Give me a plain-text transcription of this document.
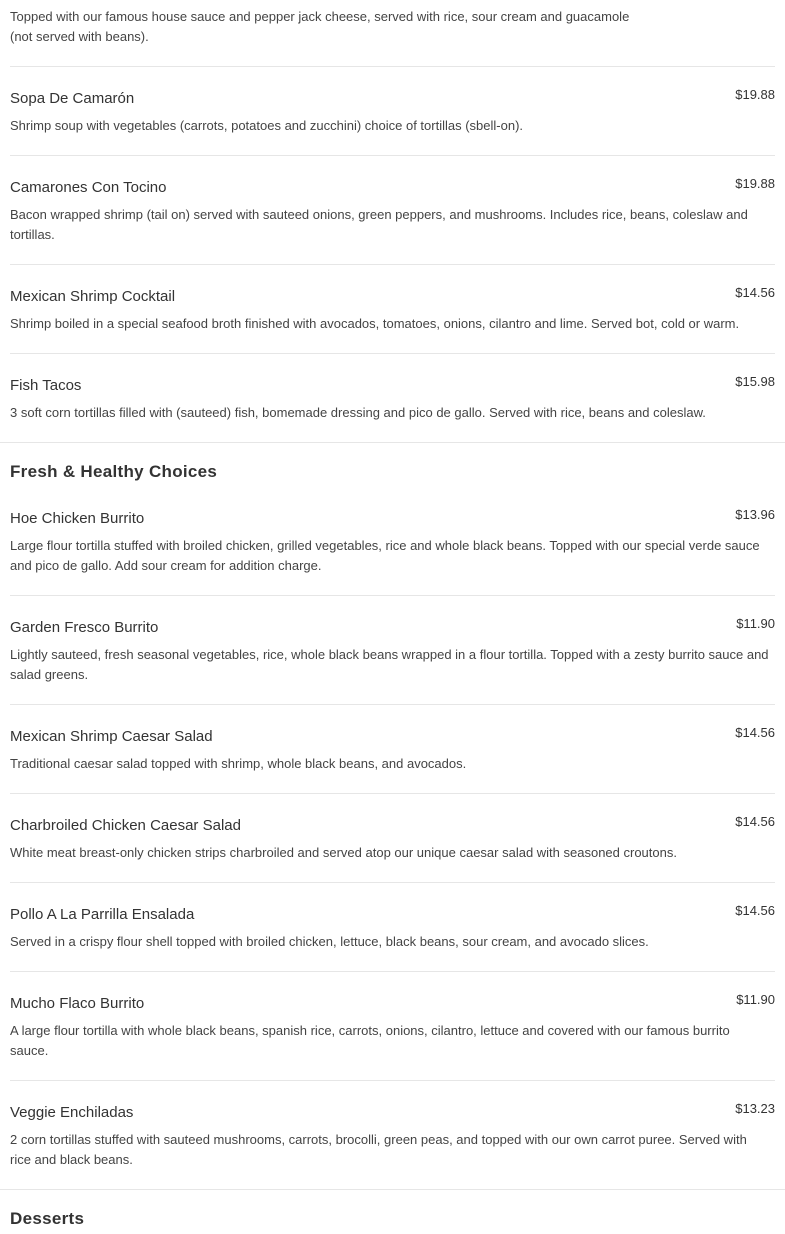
Topped with our famous house sauce and pepper jack cheese, served with rice, sour cream and guacamole
(not served with beans).
Sopa De Camarón	$19.88
Shrimp soup with vegetables (carrots, potatoes and zucchini) choice of tortillas (sbell-on).
Camarones Con Tocino	$19.88
Bacon wrapped shrimp (tail on) served with sauteed onions, green peppers, and mushrooms. Includes rice, beans, coleslaw and tortillas.
Mexican Shrimp Cocktail	$14.56
Shrimp boiled in a special seafood broth finished with avocados, tomatoes, onions, cilantro and lime. Served bot, cold or warm.
Fish Tacos	$15.98
3 soft corn tortillas filled with (sauteed) fish, bomemade dressing and pico de gallo. Served with rice, beans and coleslaw.
Fresh & Healthy Choices
Hoe Chicken Burrito	$13.96
Large flour tortilla stuffed with broiled chicken, grilled vegetables, rice and whole black beans. Topped with our special verde sauce and pico de gallo. Add sour cream for addition charge.
Garden Fresco Burrito	$11.90
Lightly sauteed, fresh seasonal vegetables, rice, whole black beans wrapped in a flour tortilla. Topped with a zesty burrito sauce and salad greens.
Mexican Shrimp Caesar Salad	$14.56
Traditional caesar salad topped with shrimp, whole black beans, and avocados.
Charbroiled Chicken Caesar Salad	$14.56
White meat breast-only chicken strips charbroiled and served atop our unique caesar salad with seasoned croutons.
Pollo A La Parrilla Ensalada	$14.56
Served in a crispy flour shell topped with broiled chicken, lettuce, black beans, sour cream, and avocado slices.
Mucho Flaco Burrito	$11.90
A large flour tortilla with whole black beans, spanish rice, carrots, onions, cilantro, lettuce and covered with our famous burrito sauce.
Veggie Enchiladas	$13.23
2 corn tortillas stuffed with sauteed mushrooms, carrots, brocolli, green peas, and topped with our own carrot puree. Served with rice and black beans.
Desserts
